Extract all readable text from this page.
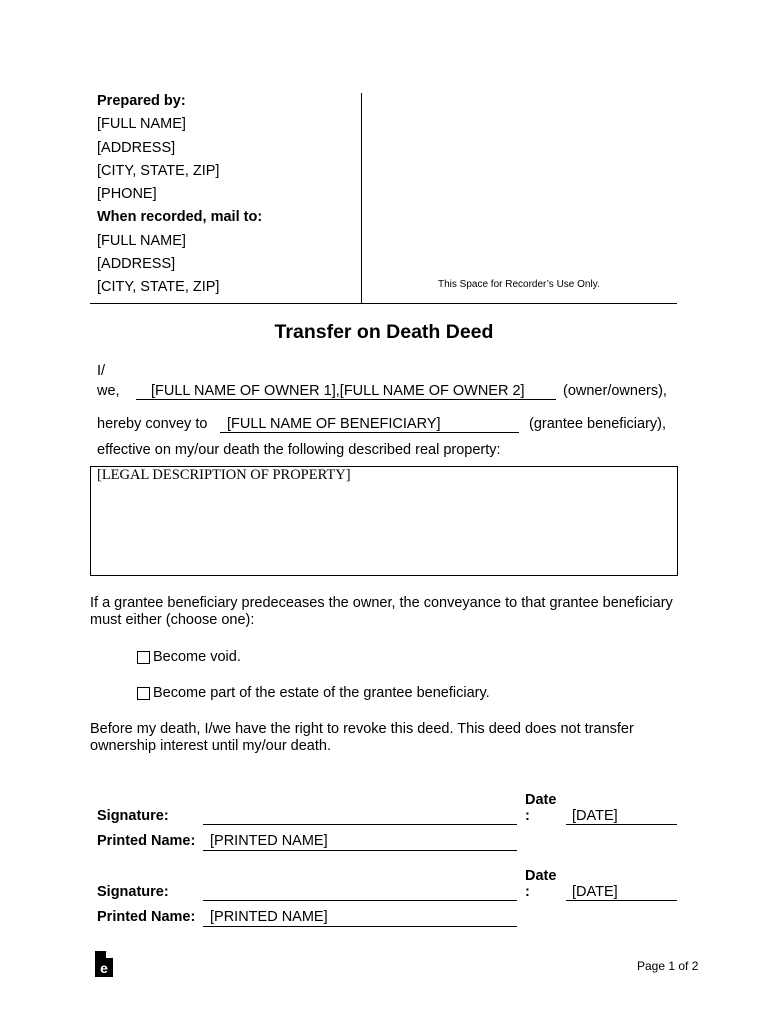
Prepared by:
[FULL NAME]
[ADDRESS]
[CITY, STATE, ZIP]
[PHONE]
When recorded, mail to:
[FULL NAME]
[ADDRESS]
[CITY, STATE, ZIP]	This Space for Recorder’s Use Only.
Transfer on Death Deed
I/
we,	[FULL NAME OF OWNER 1],[FULL NAME OF OWNER 2]	(owner/owners),
hereby convey to	[FULL NAME OF BENEFICIARY]	(grantee beneficiary),
effective on my/our death the following described real property:
[LEGAL DESCRIPTION OF PROPERTY]
If a grantee beneficiary predeceases the owner, the conveyance to that grantee beneficiary must either (choose one):
Become void.
Become part of the estate of the grantee beneficiary.
Before my death, I/we have the right to revoke this deed. This deed does not transfer ownership interest until my/our death.
Signature:
Date
:	[DATE]
Printed Name: [PRINTED NAME]
Signature:
Date
:	[DATE]
Printed Name: [PRINTED NAME]
e	Page 1 of 2
